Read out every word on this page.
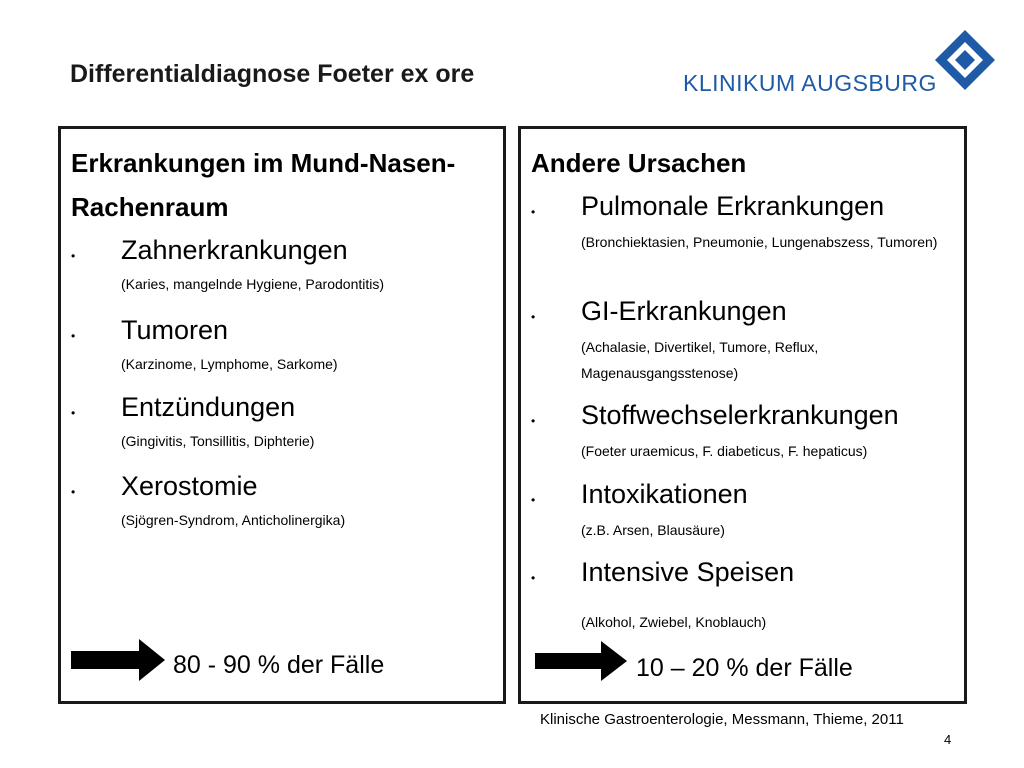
Differentialdiagnose Foeter ex ore	KLINIKUM AUGSBURG
Erkrankungen im Mund-Nasen-
Rachenraum
• Zahnerkrankungen
(Karies, mangelnde Hygiene, Parodontitis)
• Tumoren
(Karzinome, Lymphome, Sarkome)
• Entzündungen
(Gingivitis, Tonsillitis, Diphterie)
• Xerostomie
(Sjögren-Syndrom, Anticholinergika)
80 - 90 % der Fälle
Andere Ursachen
• Pulmonale Erkrankungen
(Bronchiektasien, Pneumonie, Lungenabszess, Tumoren)
• GI-Erkrankungen
(Achalasie, Divertikel, Tumore, Reflux, Magenausgangsstenose)
• Stoffwechselerkrankungen
(Foeter uraemicus, F. diabeticus, F. hepaticus)
• Intoxikationen
(z.B. Arsen, Blausäure)
• Intensive Speisen
(Alkohol, Zwiebel, Knoblauch)
10 – 20 % der Fälle
Klinische Gastroenterologie, Messmann, Thieme, 2011
4
